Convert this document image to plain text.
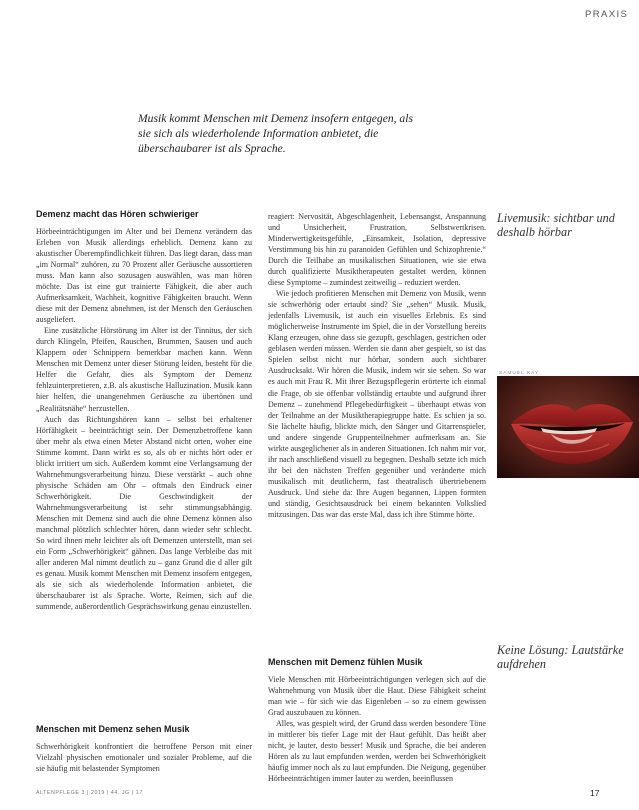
PRAXIS
Musik kommt Menschen mit Demenz insofern entgegen, als sie sich als wiederholende Information anbietet, die überschaubarer ist als Sprache.
Demenz macht das Hören schwieriger

Hörbeeinträchtigungen im Alter und bei Demenz verändern das Erleben von Musik allerdings erheblich. Demenz kann zu akustischer Überempfindlichkeit führen. Das liegt daran, dass man „im Normal“ zuhören, zu 70 Prozent aller Geräusche aussortieren muss. Man kann also sozusagen auswählen, was man hören möchte. Das ist eine gut trainierte Fähigkeit, die aber auch Aufmerksamkeit, Wachheit, kognitive Fähigkeiten braucht. Wenn diese mit der Demenz abnehmen, ist der Mensch den Geräuschen ausgeliefert.

Eine zusätzliche Hörstörung im Alter ist der Tinnitus, der sich durch Klingeln, Pfeifen, Rauschen, Brummen, Sausen und auch Klappern oder Schnippern bemerkbar machen kann. Wenn Menschen mit Demenz unter dieser Störung leiden, besteht für die Helfer die Gefahr, dies als Symptom der Demenz fehlzuinterpretieren, z.B. als akustische Halluzination. Musik kann hier helfen, die unangenehmen Geräusche zu übertönen und „Realitätsnähe“ herzustellen.

Auch das Richtungshören kann – selbst bei erhaltener Hörfähigkeit – beeinträchtigt sein. Der Demenzbetroffene kann über mehr als etwa einen Meter Abstand nicht orten, woher eine Stimme kommt. Dann wirkt es so, als ob er nichts hört oder er blickt irritiert um sich. Außerdem kommt eine Verlangsamung der Wahrnehmungsverarbeitung hinzu. Diese verstärkt – auch ohne physische Schäden am Ohr – oftmals den Eindruck einer Schwerhörigkeit. Die Geschwindigkeit der Wahrnehmungsverarbeitung ist sehr stimmungsabhängig. Menschen mit Demenz sind auch die ohne Demenz können also manchmal plötzlich schlechter hören, dann wieder sehr schlecht. So wird ihnen mehr leichter als oft Demenzen unterstellt, man sei ein Form „Schwerhörigkeit“ gähnen. Das lange Verbleibe das mit aller anderen Mal nimmt deutlich zu – ganz Grund die d aller gilt es genau. Musik kommt Menschen mit Demenz insofern entgegen, als sie sich als wiederholende Information anbietet, die überschaubarer ist als Sprache. Worte, Reimen, sich auf die summende, außerordentlich Gesprächswirkung genau einzustellen.

Menschen mit Demenz sehen Musik

Schwerhörigkeit konfrontiert die betroffene Person mit einer Vielzahl physischen emotionaler und sozialer Probleme, auf die sie häufig mit belastender Symptomen

reagiert: Nervosität, Abgeschlagenheit, Lebensangst, Anspannung und Unsicherheit, Frustration, Selbstwertkrisen. Minderwertigkeitsgefühle, „Einsamkeit, Isolation, depressive Verstimmung bis hin zu paranoiden Gefühlen und Schizophrenie.“ Durch die Teilhabe an musikalischen Situationen, wie sie etwa durch qualifizierte Musiktherapeuten gestaltet werden, können diese Symptome – zumindest zeitweilig – reduziert werden.

Wie jedoch profitieren Menschen mit Demenz von Musik, wenn sie schwerhörig oder ertaubt sind? Sie „sehen“ Musik. Musik, jedenfalls Livemusik, ist auch ein visuelles Erlebnis. Es sind möglicherweise Instrumente im Spiel, die in der Vorstellung bereits Klang erzeugen, ohne dass sie gezupft, geschlagen, gestrichen oder geblasen werden müssen. Werden sie dann aber gespielt, so ist das Spielen selbst nicht nur hörbar, sondern auch sichtbarer Ausdrucksakt. Wir hören die Musik, indem wir sie sehen. So war es auch mit Frau R. Mit ihrer Bezugspflegerin erörterte ich einmal die Frage, ob sie offenbar vollständig ertaubte und aufgrund ihrer Demenz – zunehmend Pflegebedürftigkeit – überhaupt etwas von der Teilnahme an der Musiktherapiegruppe hatte. Es schien ja so. Sie lächelte häufig, blickte mich, den Sänger und Gitarrenspieler, und andere singende Gruppenteilnehmer aufmerksam an. Sie wirkte ausgeglichener als in anderen Situationen. Ich nahm mir vor, ihr nach anschließend visuell zu begegnen. Deshalb setzte ich mich ihr bei den nächsten Treffen gegenüber und veränderte mich musikalisch mit deutlicherm, fast theatralisch übertriebenem Ausdruck. Und siehe da: Ihre Augen begannen, Lippen formten und ständig, Gesichtsausdruck bei einem bekannten Volkslied mitzusingen. Das war das erste Mal, dass ich ihre Stimme hörte.

Menschen mit Demenz fühlen Musik

Viele Menschen mit Hörbeeinträchtigungen verlegen sich auf die Wahrnehmung von Musik über die Haut. Diese Fähigkeit scheint man wie – für sich wie das Eigenleben – so zu einem gewissen Grad auszubauen zu können.

Alles, was gespielt wird, der Grund dass werden besondere Töne in mittlerer bis tiefer Lage mit der Haut gefühlt. Das heißt aber nicht, je lauter, desto besser! Musik und Sprache, die bei anderen Hören als zu laut empfunden werden, werden bei Schwerhörigkeit häufig immer noch als zu laut empfunden. Die Neigung, gegenüber Hörbeeinträchtigen immer lauter zu werden, beeinflussen

Livemusik: sichtbar und deshalb hörbar
SAMUEL KAY
Keine Lösung: Lautstärke aufdrehen
ALTENPFLEGE 3 | 2019 | 44. JG | 17	17
